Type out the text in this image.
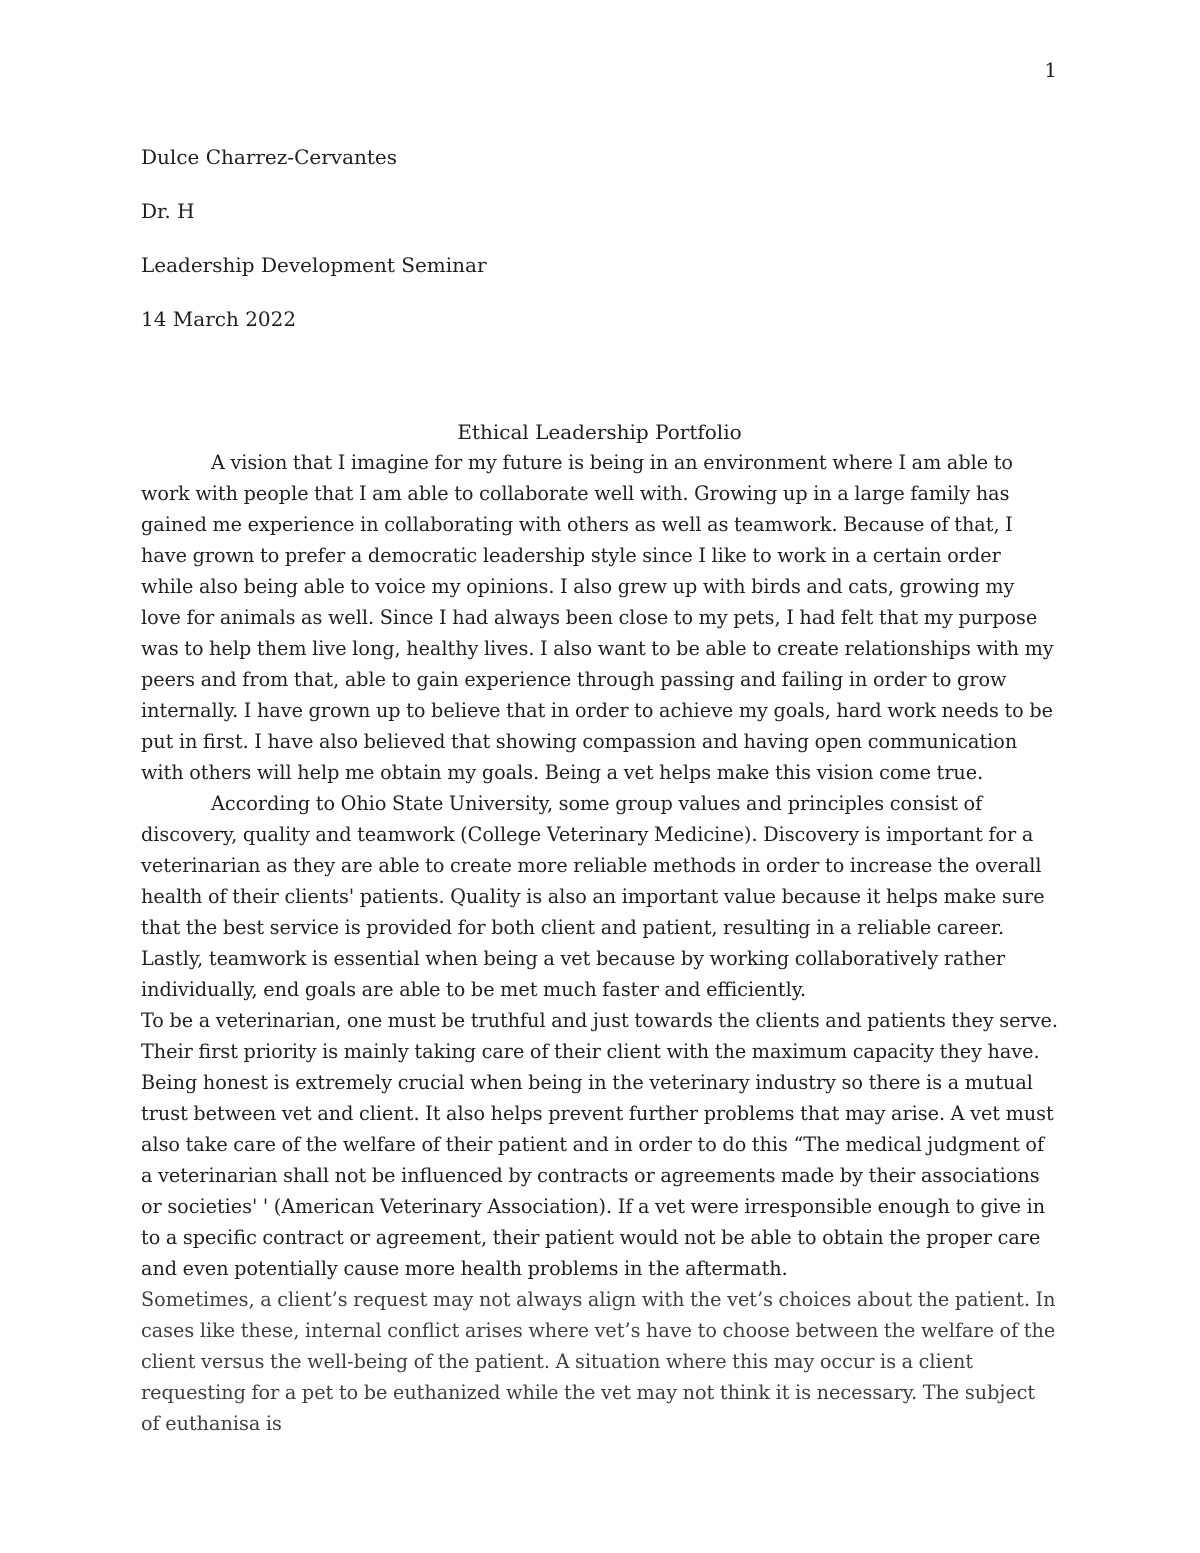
1
Dulce Charrez-Cervantes
Dr. H
Leadership Development Seminar
14 March 2022
Ethical Leadership Portfolio

A vision that I imagine for my future is being in an environment where I am able to work with people that I am able to collaborate well with. Growing up in a large family has gained me experience in collaborating with others as well as teamwork. Because of that, I have grown to prefer a democratic leadership style since I like to work in a certain order while also being able to voice my opinions. I also grew up with birds and cats, growing my love for animals as well. Since I had always been close to my pets, I had felt that my purpose was to help them live long, healthy lives. I also want to be able to create relationships with my peers and from that, able to gain experience through passing and failing in order to grow internally. I have grown up to believe that in order to achieve my goals, hard work needs to be put in first. I have also believed that showing compassion and having open communication with others will help me obtain my goals. Being a vet helps make this vision come true.

According to Ohio State University, some group values and principles consist of discovery, quality and teamwork (College Veterinary Medicine). Discovery is important for a veterinarian as they are able to create more reliable methods in order to increase the overall health of their clients' patients. Quality is also an important value because it helps make sure that the best service is provided for both client and patient, resulting in a reliable career. Lastly, teamwork is essential when being a vet because by working collaboratively rather individually, end goals are able to be met much faster and efficiently.

To be a veterinarian, one must be truthful and just towards the clients and patients they serve. Their first priority is mainly taking care of their client with the maximum capacity they have. Being honest is extremely crucial when being in the veterinary industry so there is a mutual trust between vet and client. It also helps prevent further problems that may arise. A vet must also take care of the welfare of their patient and in order to do this “The medical judgment of a veterinarian shall not be influenced by contracts or agreements made by their associations or societies' ' (American Veterinary Association). If a vet were irresponsible enough to give in to a specific contract or agreement, their patient would not be able to obtain the proper care and even potentially cause more health problems in the aftermath.

Sometimes, a client’s request may not always align with the vet’s choices about the patient. In cases like these, internal conflict arises where vet’s have to choose between the welfare of the client versus the well-being of the patient. A situation where this may occur is a client requesting for a pet to be euthanized while the vet may not think it is necessary. The subject of euthanisa is
